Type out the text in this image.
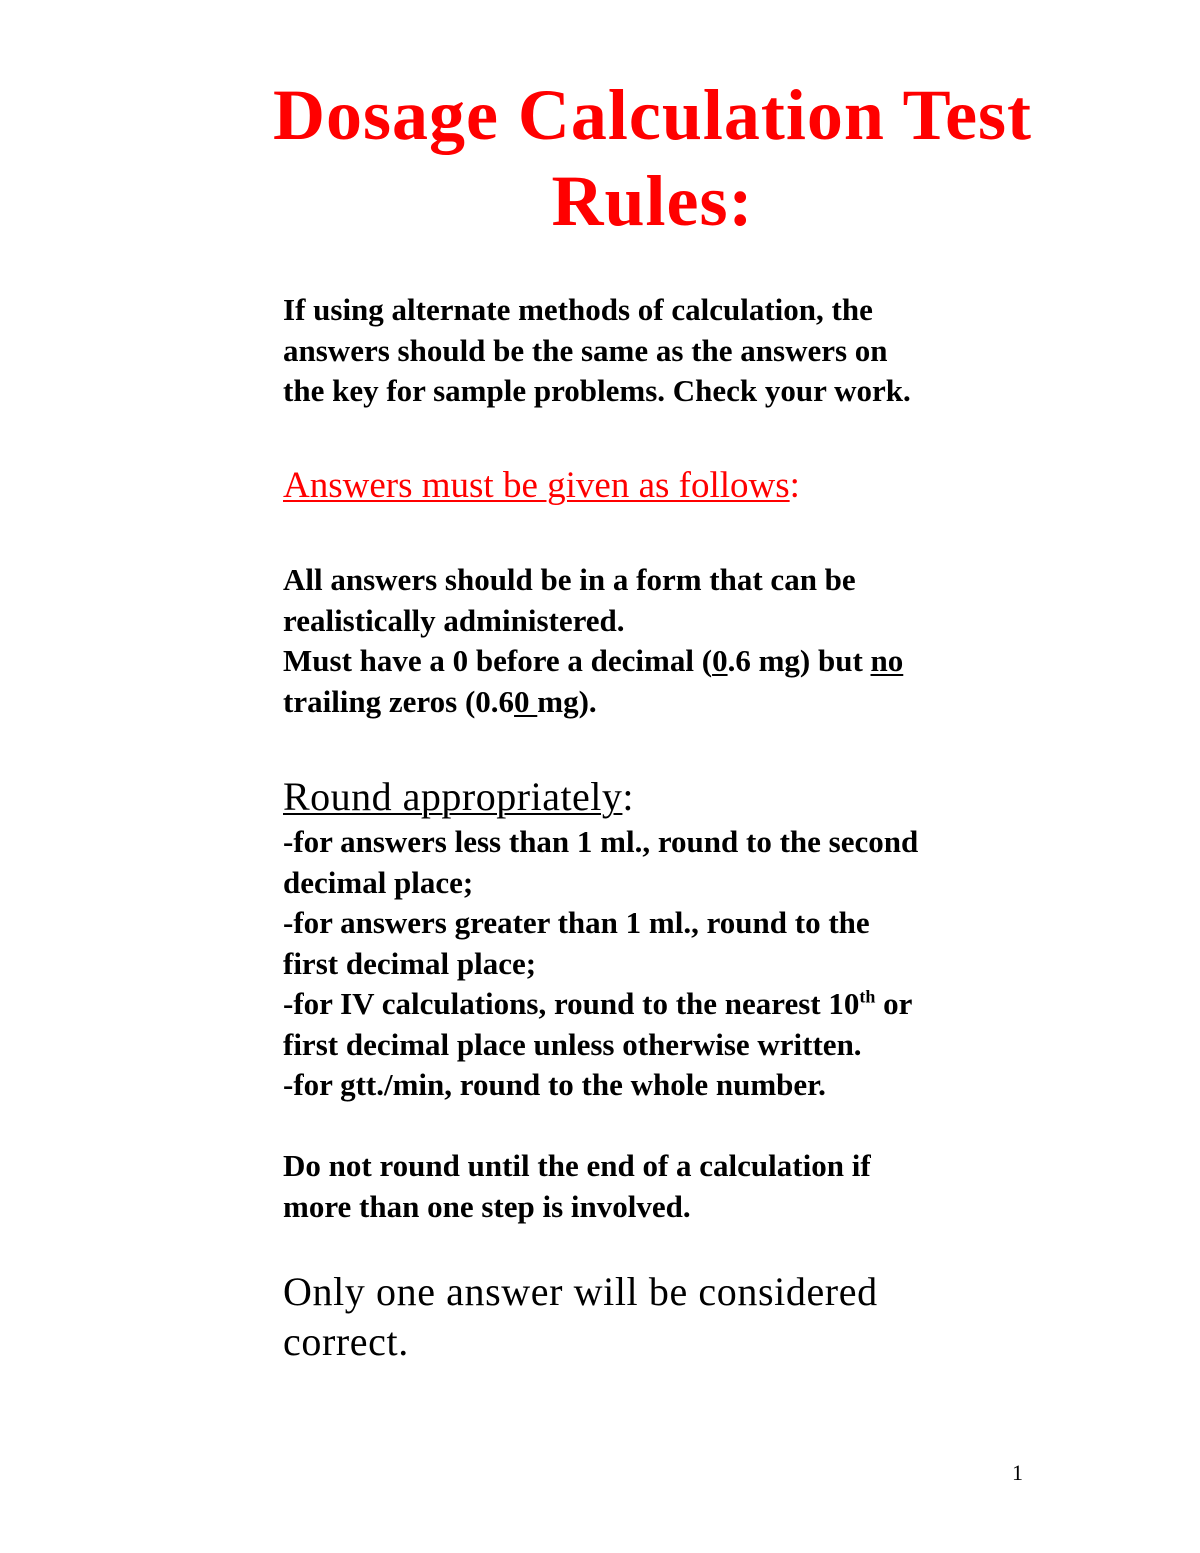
Dosage Calculation Test
Rules:

If using alternate methods of calculation, the
answers should be the same as the answers on
the key for sample problems. Check your work.

Answers must be given as follows:

All answers should be in a form that can be
realistically administered.
Must have a 0 before a decimal (0.6 mg) but no
trailing zeros (0.60 mg).

Round appropriately:

-for answers less than 1 ml., round to the second
decimal place;
-for answers greater than 1 ml., round to the
first decimal place;
-for IV calculations, round to the nearest 10th or
first decimal place unless otherwise written.
-for gtt./min, round to the whole number.

Do not round until the end of a calculation if
more than one step is involved.

Only one answer will be considered
correct.

1
